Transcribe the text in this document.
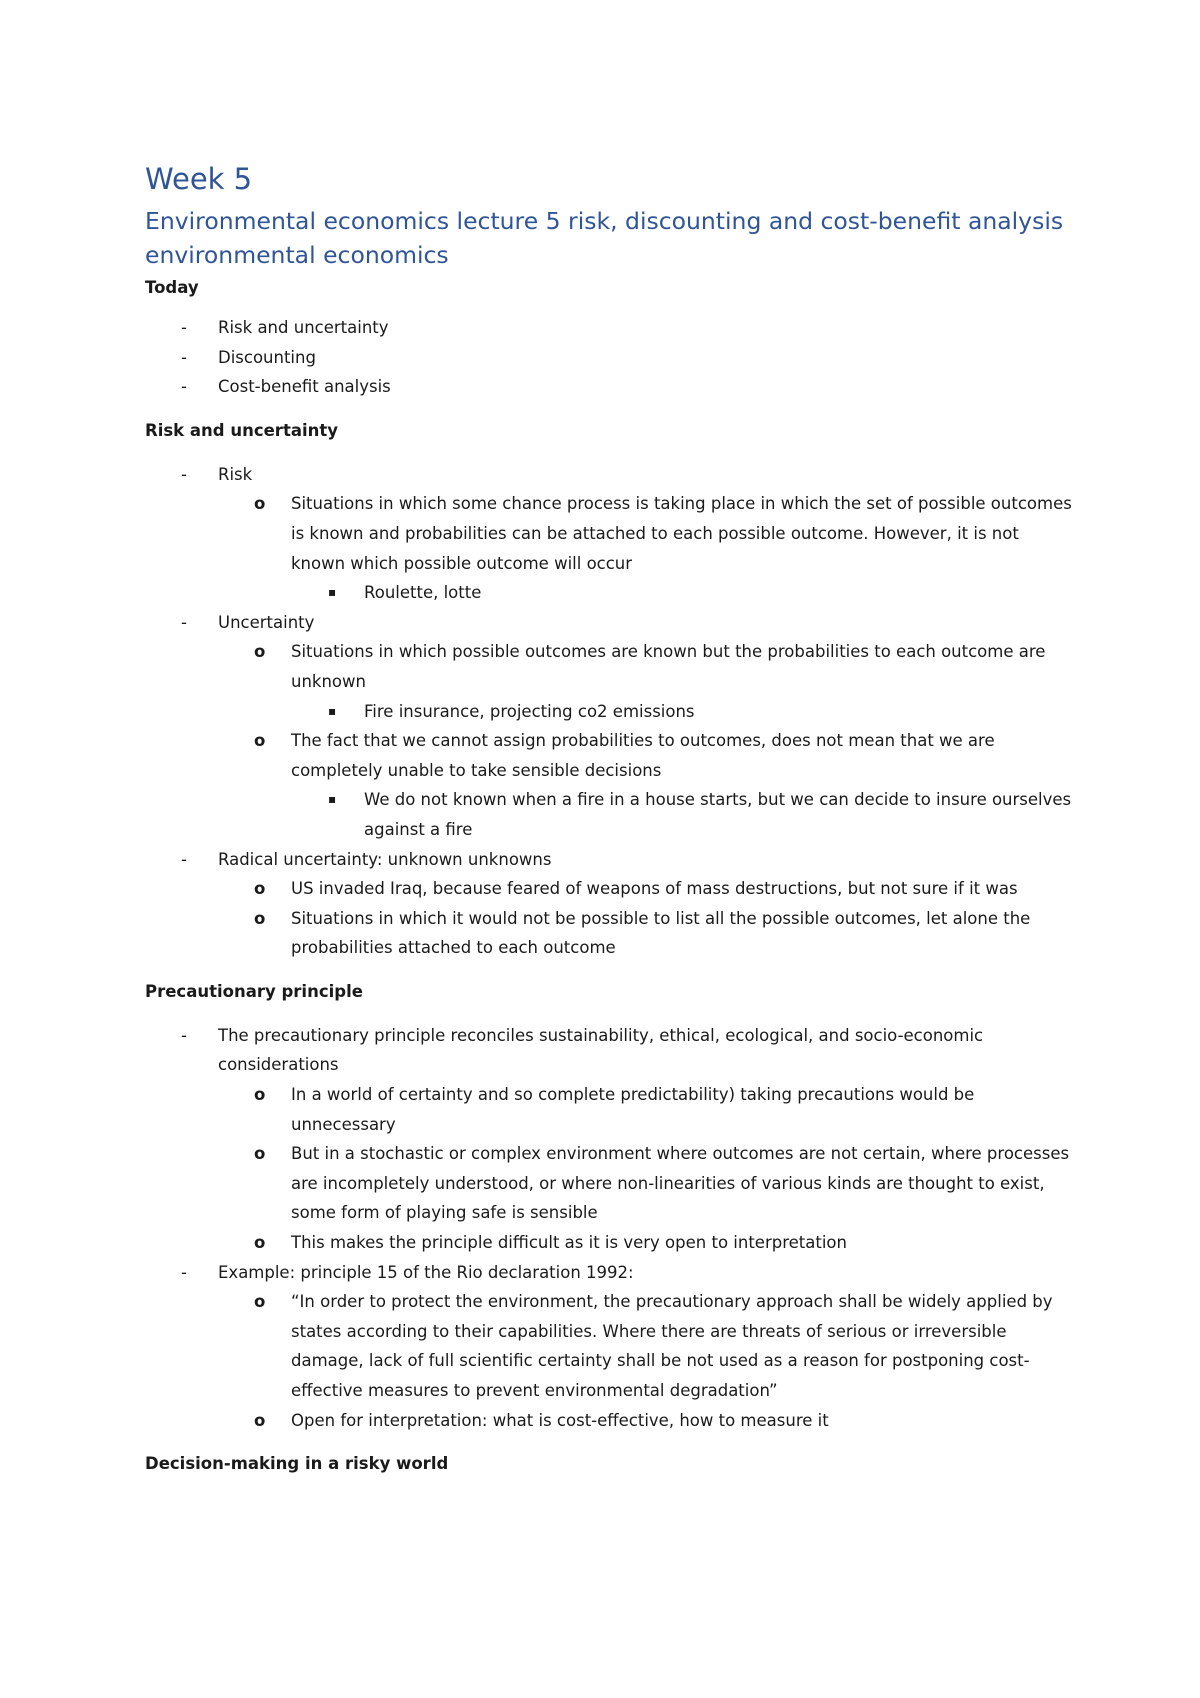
Week 5
Environmental economics lecture 5 risk, discounting and cost-benefit analysis environmental economics
Today
- Risk and uncertainty
- Discounting
- Cost-benefit analysis
Risk and uncertainty
- Risk
o Situations in which some chance process is taking place in which the set of possible outcomes is known and probabilities can be attached to each possible outcome. However, it is not known which possible outcome will occur
▪ Roulette, lotte
- Uncertainty
o Situations in which possible outcomes are known but the probabilities to each outcome are unknown
▪ Fire insurance, projecting co2 emissions
o The fact that we cannot assign probabilities to outcomes, does not mean that we are completely unable to take sensible decisions
▪ We do not known when a fire in a house starts, but we can decide to insure ourselves against a fire
- Radical uncertainty: unknown unknowns
o US invaded Iraq, because feared of weapons of mass destructions, but not sure if it was
o Situations in which it would not be possible to list all the possible outcomes, let alone the probabilities attached to each outcome
Precautionary principle
- The precautionary principle reconciles sustainability, ethical, ecological, and socio-economic considerations
o In a world of certainty and so complete predictability) taking precautions would be unnecessary
o But in a stochastic or complex environment where outcomes are not certain, where processes are incompletely understood, or where non-linearities of various kinds are thought to exist, some form of playing safe is sensible
o This makes the principle difficult as it is very open to interpretation
- Example: principle 15 of the Rio declaration 1992:
o “In order to protect the environment, the precautionary approach shall be widely applied by states according to their capabilities. Where there are threats of serious or irreversible damage, lack of full scientific certainty shall be not used as a reason for postponing cost-effective measures to prevent environmental degradation”
o Open for interpretation: what is cost-effective, how to measure it
Decision-making in a risky world
